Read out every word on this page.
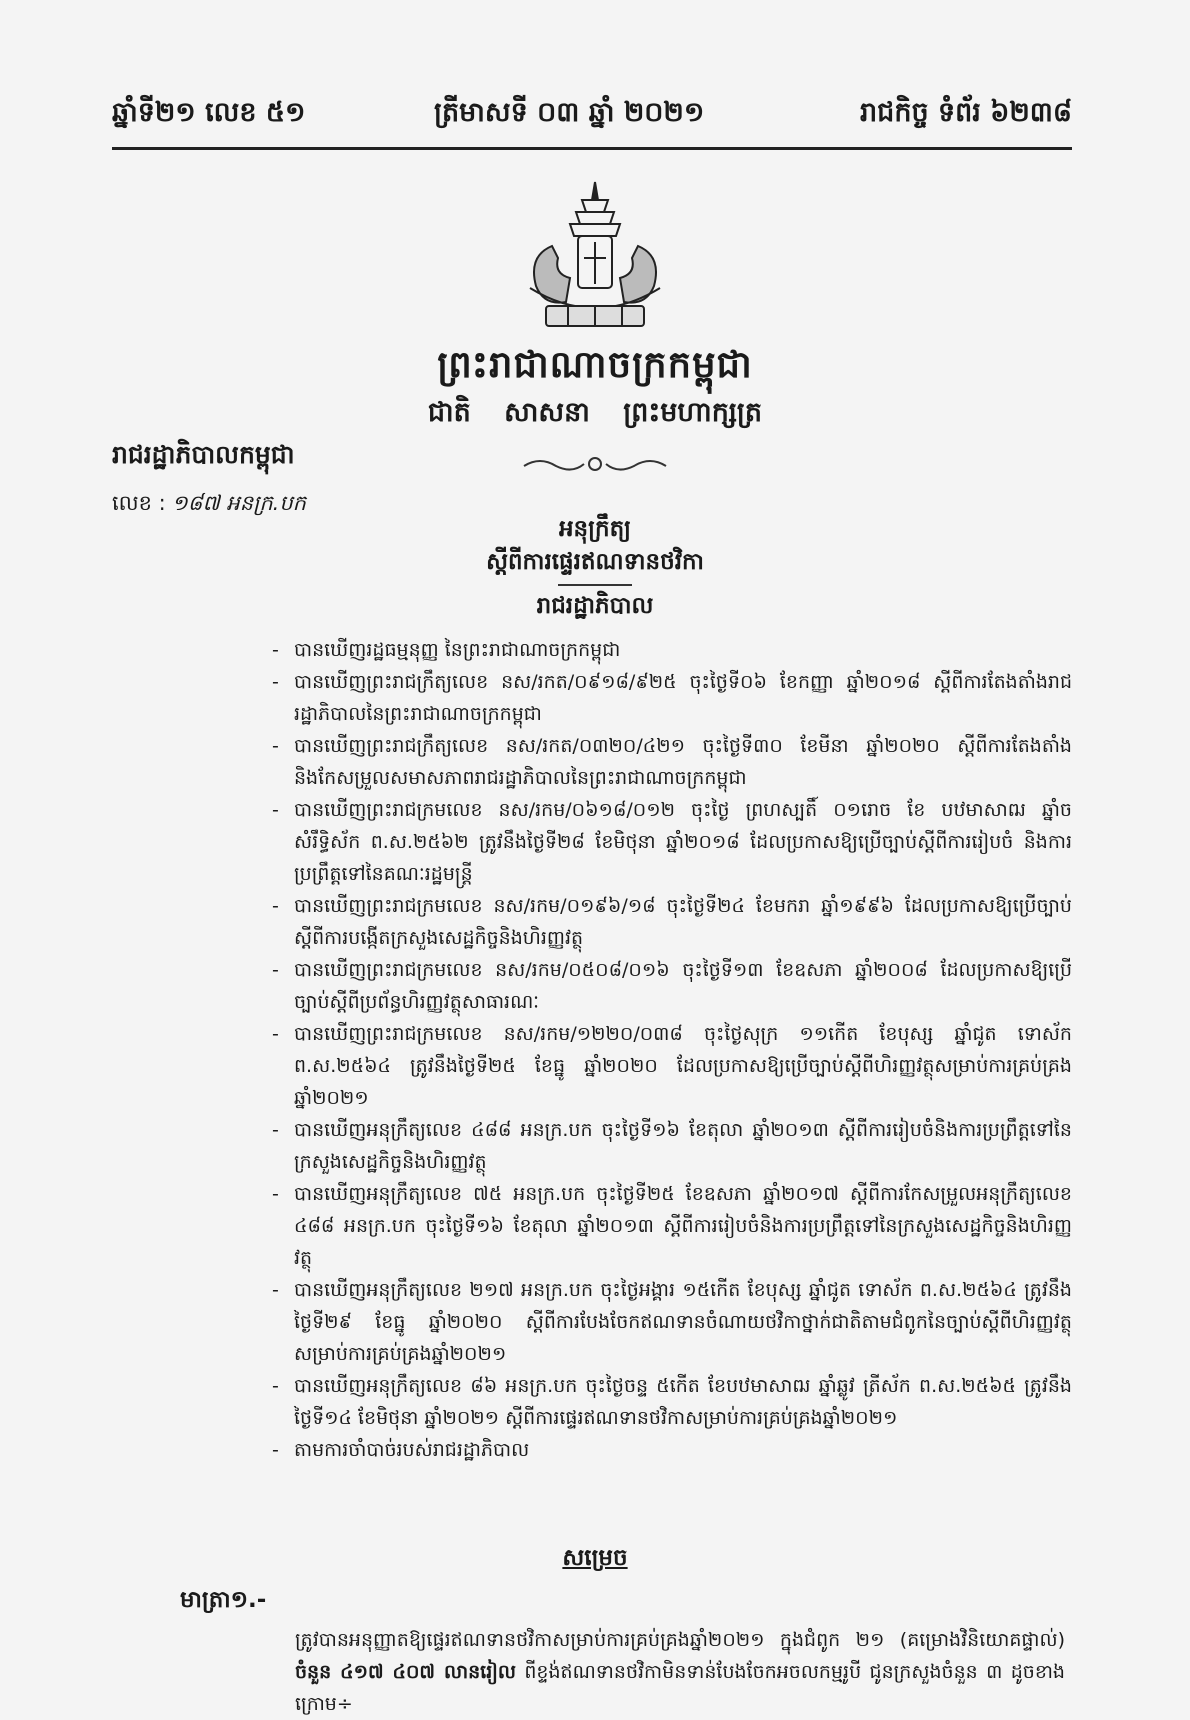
ឆ្នាំទី២១ លេខ ៥១	ត្រីមាសទី ០៣ ឆ្នាំ ២០២១	រាជកិច្ច ទំព័រ ៦២៣៨
ព្រះរាជាណាចក្រកម្ពុជា
ជាតិ សាសនា ព្រះមហាក្សត្រ
រាជរដ្ឋាភិបាលកម្ពុជា
លេខ : ១៨៧ អនក្រ.បក
អនុក្រឹត្យ
ស្តីពីការផ្ទេរឥណទានថវិកា
រាជរដ្ឋាភិបាល
- បានឃើញរដ្ឋធម្មនុញ្ញ នៃព្រះរាជាណាចក្រកម្ពុជា
- បានឃើញព្រះរាជក្រឹត្យលេខ នស/រកត/០៩១៨/៩២៥ ចុះថ្ងៃទី០៦ ខែកញ្ញា ឆ្នាំ២០១៨ ស្តីពីការតែងតាំងរាជរដ្ឋាភិបាលនៃព្រះរាជាណាចក្រកម្ពុជា
- បានឃើញព្រះរាជក្រឹត្យលេខ នស/រកត/០៣២០/៤២១ ចុះថ្ងៃទី៣០ ខែមីនា ឆ្នាំ២០២០ ស្តីពីការតែងតាំង និងកែសម្រួលសមាសភាពរាជរដ្ឋាភិបាលនៃព្រះរាជាណាចក្រកម្ពុជា
- បានឃើញព្រះរាជក្រមលេខ នស/រកម/០៦១៨/០១២ ចុះថ្ងៃ ព្រហស្បតិ៍ ០១រោច ខែ បឋមាសាឍ ឆ្នាំច សំរឹទ្ធិស័ក ព.ស.២៥៦២ ត្រូវនឹងថ្ងៃទី២៨ ខែមិថុនា ឆ្នាំ២០១៨ ដែលប្រកាសឱ្យប្រើច្បាប់ស្តីពីការរៀបចំ និងការប្រព្រឹត្តទៅនៃគណៈរដ្ឋមន្ត្រី
- បានឃើញព្រះរាជក្រមលេខ នស/រកម/០១៩៦/១៨ ចុះថ្ងៃទី២៤ ខែមករា ឆ្នាំ១៩៩៦ ដែលប្រកាសឱ្យប្រើច្បាប់ស្តីពីការបង្កើតក្រសួងសេដ្ឋកិច្ចនិងហិរញ្ញវត្ថុ
- បានឃើញព្រះរាជក្រមលេខ នស/រកម/០៥០៨/០១៦ ចុះថ្ងៃទី១៣ ខែឧសភា ឆ្នាំ២០០៨ ដែលប្រកាសឱ្យប្រើច្បាប់ស្តីពីប្រព័ន្ធហិរញ្ញវត្ថុសាធារណៈ
- បានឃើញព្រះរាជក្រមលេខ នស/រកម/១២២០/០៣៨ ចុះថ្ងៃសុក្រ ១១កើត ខែបុស្ស ឆ្នាំជូត ទោស័ក ព.ស.២៥៦៤ ត្រូវនឹងថ្ងៃទី២៥ ខែធ្នូ ឆ្នាំ២០២០ ដែលប្រកាសឱ្យប្រើច្បាប់ស្តីពីហិរញ្ញវត្ថុសម្រាប់ការគ្រប់គ្រងឆ្នាំ២០២១
- បានឃើញអនុក្រឹត្យលេខ ៤៨៨ អនក្រ.បក ចុះថ្ងៃទី១៦ ខែតុលា ឆ្នាំ២០១៣ ស្តីពីការរៀបចំនិងការប្រព្រឹត្តទៅនៃក្រសួងសេដ្ឋកិច្ចនិងហិរញ្ញវត្ថុ
- បានឃើញអនុក្រឹត្យលេខ ៧៥ អនក្រ.បក ចុះថ្ងៃទី២៥ ខែឧសភា ឆ្នាំ២០១៧ ស្តីពីការកែសម្រួលអនុក្រឹត្យលេខ ៤៨៨ អនក្រ.បក ចុះថ្ងៃទី១៦ ខែតុលា ឆ្នាំ២០១៣ ស្តីពីការរៀបចំនិងការប្រព្រឹត្តទៅនៃក្រសួងសេដ្ឋកិច្ចនិងហិរញ្ញវត្ថុ
- បានឃើញអនុក្រឹត្យលេខ ២១៧ អនក្រ.បក ចុះថ្ងៃអង្គារ ១៥កើត ខែបុស្ស ឆ្នាំជូត ទោស័ក ព.ស.២៥៦៤ ត្រូវនឹងថ្ងៃទី២៩ ខែធ្នូ ឆ្នាំ២០២០ ស្តីពីការបែងចែកឥណទានចំណាយថវិកាថ្នាក់ជាតិតាមជំពូកនៃច្បាប់ស្តីពីហិរញ្ញវត្ថុសម្រាប់ការគ្រប់គ្រងឆ្នាំ២០២១
- បានឃើញអនុក្រឹត្យលេខ ៨៦ អនក្រ.បក ចុះថ្ងៃចន្ទ ៥កើត ខែបឋមាសាឍ ឆ្នាំឆ្លូវ ត្រីស័ក ព.ស.២៥៦៥ ត្រូវនឹងថ្ងៃទី១៤ ខែមិថុនា ឆ្នាំ២០២១ ស្តីពីការផ្ទេរឥណទានថវិកាសម្រាប់ការគ្រប់គ្រងឆ្នាំ២០២១
- តាមការចាំបាច់របស់រាជរដ្ឋាភិបាល
សម្រេច
មាត្រា១.-
ត្រូវបានអនុញ្ញាតឱ្យផ្ទេរឥណទានថវិកាសម្រាប់ការគ្រប់គ្រងឆ្នាំ២០២១ ក្នុងជំពូក ២១ (គម្រោងវិនិយោគផ្ទាល់) ចំនួន ៤១៧ ៤០៧ លានរៀល ពីខ្ទង់ឥណទានថវិកាមិនទាន់បែងចែកអចលកម្មរូបី ជូនក្រសួងចំនួន ៣ ដូចខាងក្រោម÷
